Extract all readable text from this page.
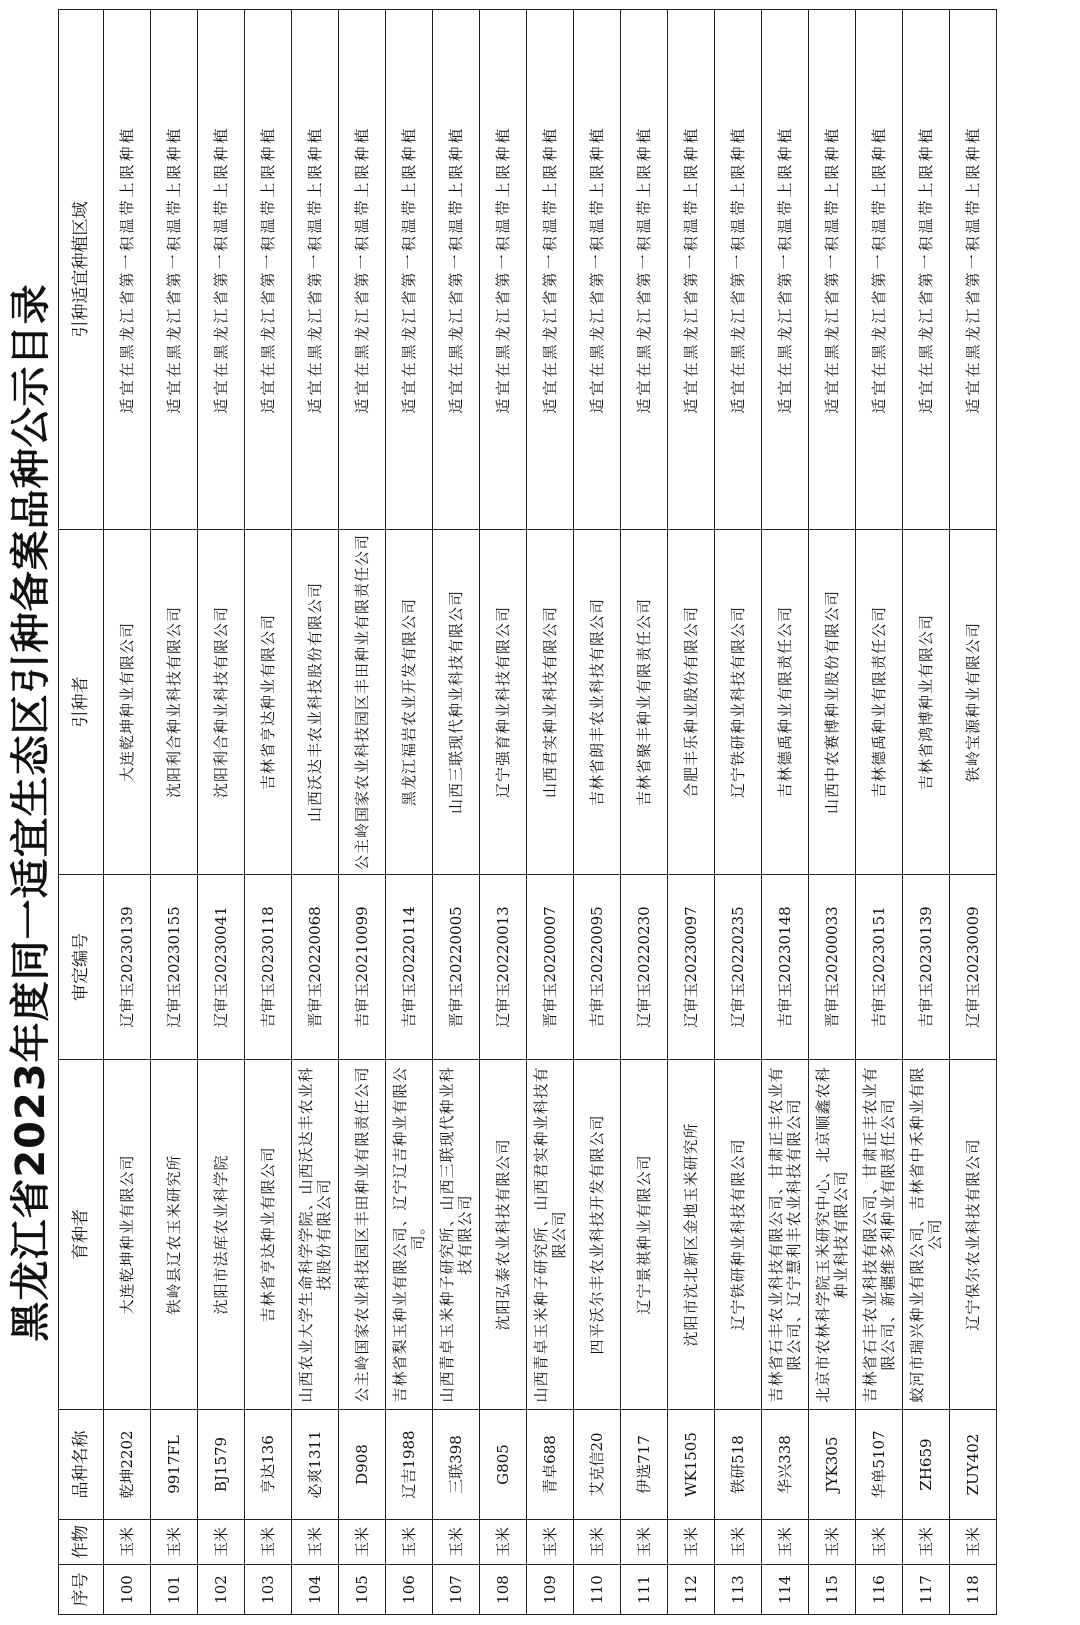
黑龙江省2023年度同一适宜生态区引种备案品种公示目录
序号	作物	品种名称	育种者	审定编号	引种者	引种适宜种植区域
100	玉米	乾坤2202	大连乾坤种业有限公司	辽审玉20230139	大连乾坤种业有限公司	适宜在黑龙江省第一积温带上限种植
101	玉米	9917FL	铁岭县辽农玉米研究所	辽审玉20230155	沈阳利合种业科技有限公司	适宜在黑龙江省第一积温带上限种植
102	玉米	BJ1579	沈阳市法库农业科学院	辽审玉20230041	沈阳利合种业科技有限公司	适宜在黑龙江省第一积温带上限种植
103	玉米	亨达136	吉林省亨达种业有限公司	吉审玉20230118	吉林省亨达种业有限公司	适宜在黑龙江省第一积温带上限种植
104	玉米	必爽1311	山西农业大学生命科学学院、山西沃达丰农业科技股份有限公司	晋审玉20220068	山西沃达丰农业科技股份有限公司	适宜在黑龙江省第一积温带上限种植
105	玉米	D908	公主岭国家农业科技园区丰田种业有限责任公司	吉审玉20210099	公主岭国家农业科技园区丰田种业有限责任公司	适宜在黑龙江省第一积温带上限种植
106	玉米	辽吉1988	吉林省梨玉种业有限公司、辽宁辽吉种业有限公司。	吉审玉20220114	黑龙江福岩农业开发有限公司	适宜在黑龙江省第一积温带上限种植
107	玉米	三联398	山西青卓玉米种子研究所、山西三联现代种业科技有限公司	晋审玉20220005	山西三联现代种业科技有限公司	适宜在黑龙江省第一积温带上限种植
108	玉米	G805	沈阳弘泰农业科技有限公司	辽审玉20220013	辽宁强育种业科技有限公司	适宜在黑龙江省第一积温带上限种植
109	玉米	青卓688	山西青卓玉米种子研究所、山西君实种业科技有限公司	晋审玉20200007	山西君实种业科技有限公司	适宜在黑龙江省第一积温带上限种植
110	玉米	艾克信20	四平沃尔丰农业科技开发有限公司	吉审玉20220095	吉林省朗丰农业科技有限公司	适宜在黑龙江省第一积温带上限种植
111	玉米	伊选717	辽宁景祺种业有限公司	辽审玉20220230	吉林省聚丰种业有限责任公司	适宜在黑龙江省第一积温带上限种植
112	玉米	WK1505	沈阳市沈北新区金地玉米研究所	辽审玉20230097	合肥丰乐种业股份有限公司	适宜在黑龙江省第一积温带上限种植
113	玉米	铁研518	辽宁铁研种业科技有限公司	辽审玉20220235	辽宁铁研种业科技有限公司	适宜在黑龙江省第一积温带上限种植
114	玉米	华兴338	吉林省石丰农业科技有限公司、甘肃正丰农业有限公司、辽宁慧利丰农业科技有限公司	吉审玉20230148	吉林德禹种业有限责任公司	适宜在黑龙江省第一积温带上限种植
115	玉米	JYK305	北京市农林科学院玉米研究中心、北京顺鑫农科种业科技有限公司	晋审玉20200033	山西中农赛博种业股份有限公司	适宜在黑龙江省第一积温带上限种植
116	玉米	华单5107	吉林省石丰农业科技有限公司、甘肃正丰农业有限公司、新疆维多利种业有限责任公司	吉审玉20230151	吉林德禹种业有限责任公司	适宜在黑龙江省第一积温带上限种植
117	玉米	ZH659	蛟河市瑞兴种业有限公司、吉林省中禾种业有限公司	吉审玉20230139	吉林省鸿博种业有限公司	适宜在黑龙江省第一积温带上限种植
118	玉米	ZUY402	辽宁保尔农业科技有限公司	辽审玉20230009	铁岭宝源种业有限公司	适宜在黑龙江省第一积温带上限种植
